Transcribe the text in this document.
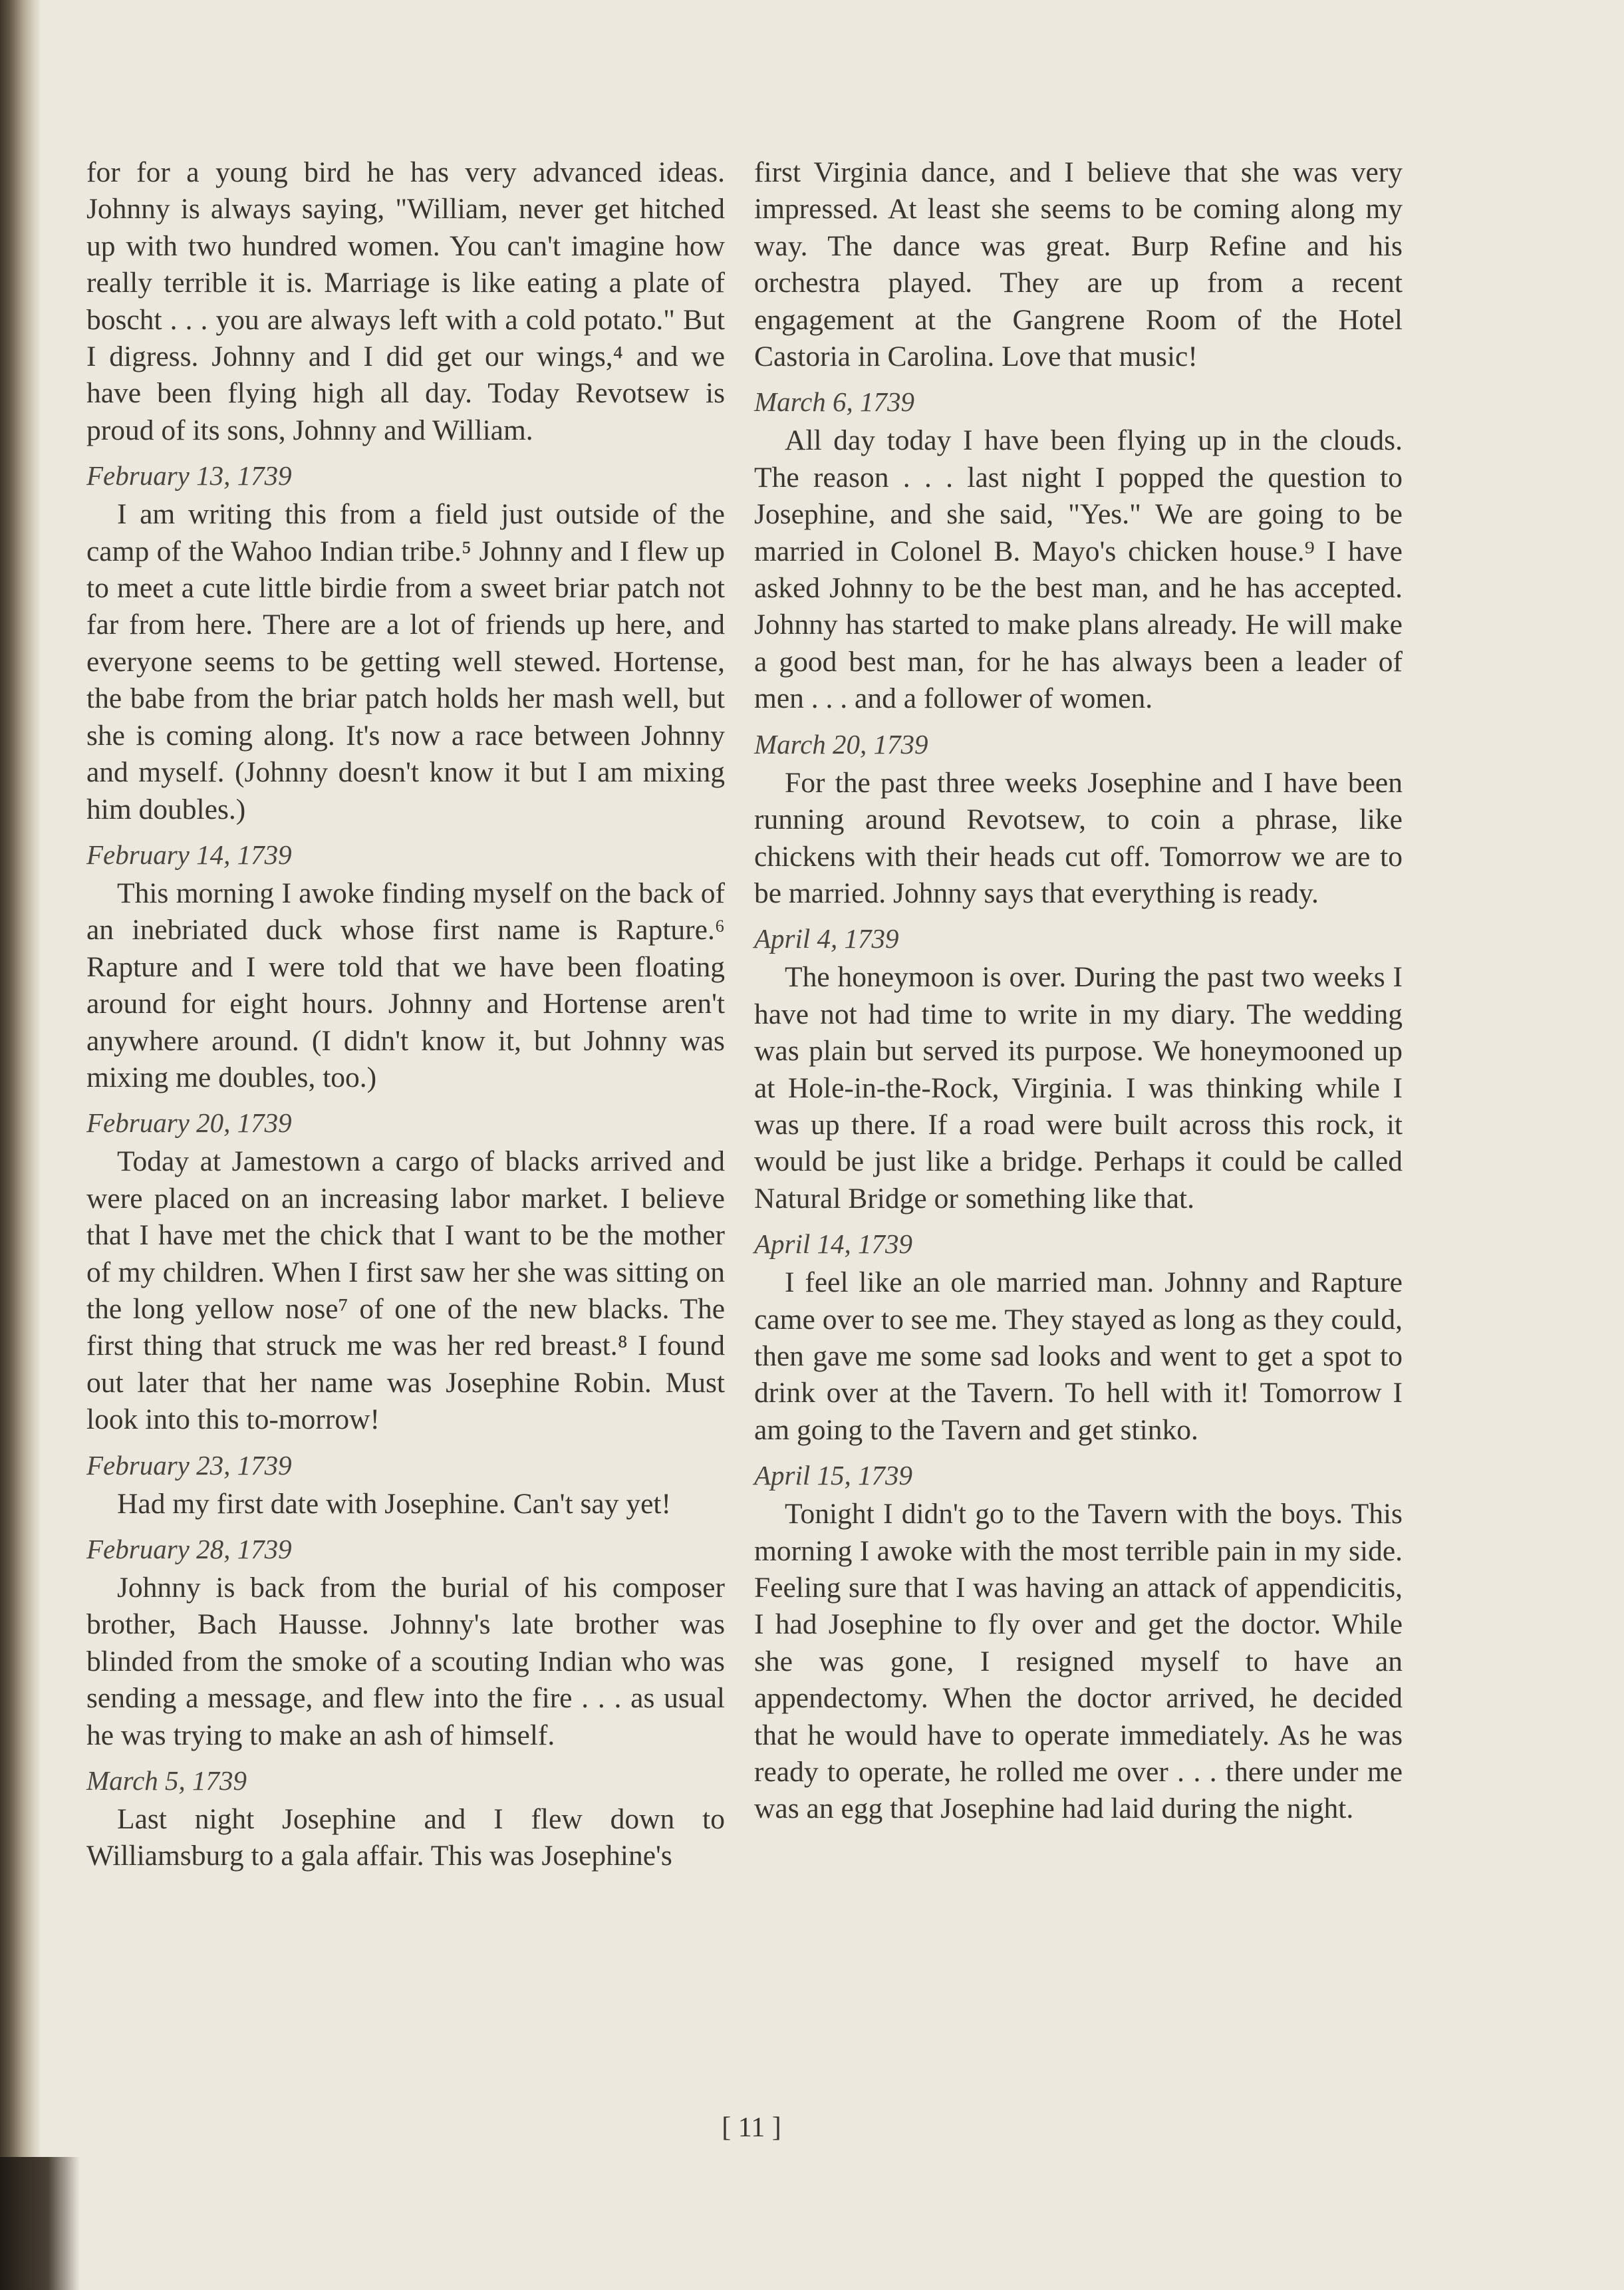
for for a young bird he has very advanced ideas. Johnny is always saying, "William, never get hitched up with two hundred women. You can't imagine how really terrible it is. Marriage is like eating a plate of boscht . . . you are always left with a cold potato." But I digress. Johnny and I did get our wings,⁴ and we have been flying high all day. Today Revotsew is proud of its sons, Johnny and William.

February 13, 1739

I am writing this from a field just outside of the camp of the Wahoo Indian tribe.⁵ Johnny and I flew up to meet a cute little birdie from a sweet briar patch not far from here. There are a lot of friends up here, and everyone seems to be getting well stewed. Hortense, the babe from the briar patch holds her mash well, but she is coming along. It's now a race between Johnny and myself. (Johnny doesn't know it but I am mixing him doubles.)

February 14, 1739

This morning I awoke finding myself on the back of an inebriated duck whose first name is Rapture.⁶ Rapture and I were told that we have been floating around for eight hours. Johnny and Hortense aren't anywhere around. (I didn't know it, but Johnny was mixing me doubles, too.)

February 20, 1739

Today at Jamestown a cargo of blacks arrived and were placed on an increasing labor market. I believe that I have met the chick that I want to be the mother of my children. When I first saw her she was sitting on the long yellow nose⁷ of one of the new blacks. The first thing that struck me was her red breast.⁸ I found out later that her name was Josephine Robin. Must look into this to-morrow!

February 23, 1739

Had my first date with Josephine. Can't say yet!

February 28, 1739

Johnny is back from the burial of his composer brother, Bach Hausse. Johnny's late brother was blinded from the smoke of a scouting Indian who was sending a message, and flew into the fire . . . as usual he was trying to make an ash of himself.

March 5, 1739

Last night Josephine and I flew down to Williamsburg to a gala affair. This was Josephine's

first Virginia dance, and I believe that she was very impressed. At least she seems to be coming along my way. The dance was great. Burp Refine and his orchestra played. They are up from a recent engagement at the Gangrene Room of the Hotel Castoria in Carolina. Love that music!

March 6, 1739

All day today I have been flying up in the clouds. The reason . . . last night I popped the question to Josephine, and she said, "Yes." We are going to be married in Colonel B. Mayo's chicken house.⁹ I have asked Johnny to be the best man, and he has accepted. Johnny has started to make plans already. He will make a good best man, for he has always been a leader of men . . . and a follower of women.

March 20, 1739

For the past three weeks Josephine and I have been running around Revotsew, to coin a phrase, like chickens with their heads cut off. Tomorrow we are to be married. Johnny says that everything is ready.

April 4, 1739

The honeymoon is over. During the past two weeks I have not had time to write in my diary. The wedding was plain but served its purpose. We honeymooned up at Hole-in-the-Rock, Virginia. I was thinking while I was up there. If a road were built across this rock, it would be just like a bridge. Perhaps it could be called Natural Bridge or something like that.

April 14, 1739

I feel like an ole married man. Johnny and Rapture came over to see me. They stayed as long as they could, then gave me some sad looks and went to get a spot to drink over at the Tavern. To hell with it! Tomorrow I am going to the Tavern and get stinko.

April 15, 1739

Tonight I didn't go to the Tavern with the boys. This morning I awoke with the most terrible pain in my side. Feeling sure that I was having an attack of appendicitis, I had Josephine to fly over and get the doctor. While she was gone, I resigned myself to have an appendectomy. When the doctor arrived, he decided that he would have to operate immediately. As he was ready to operate, he rolled me over . . . there under me was an egg that Josephine had laid during the night.

[ 11 ]
